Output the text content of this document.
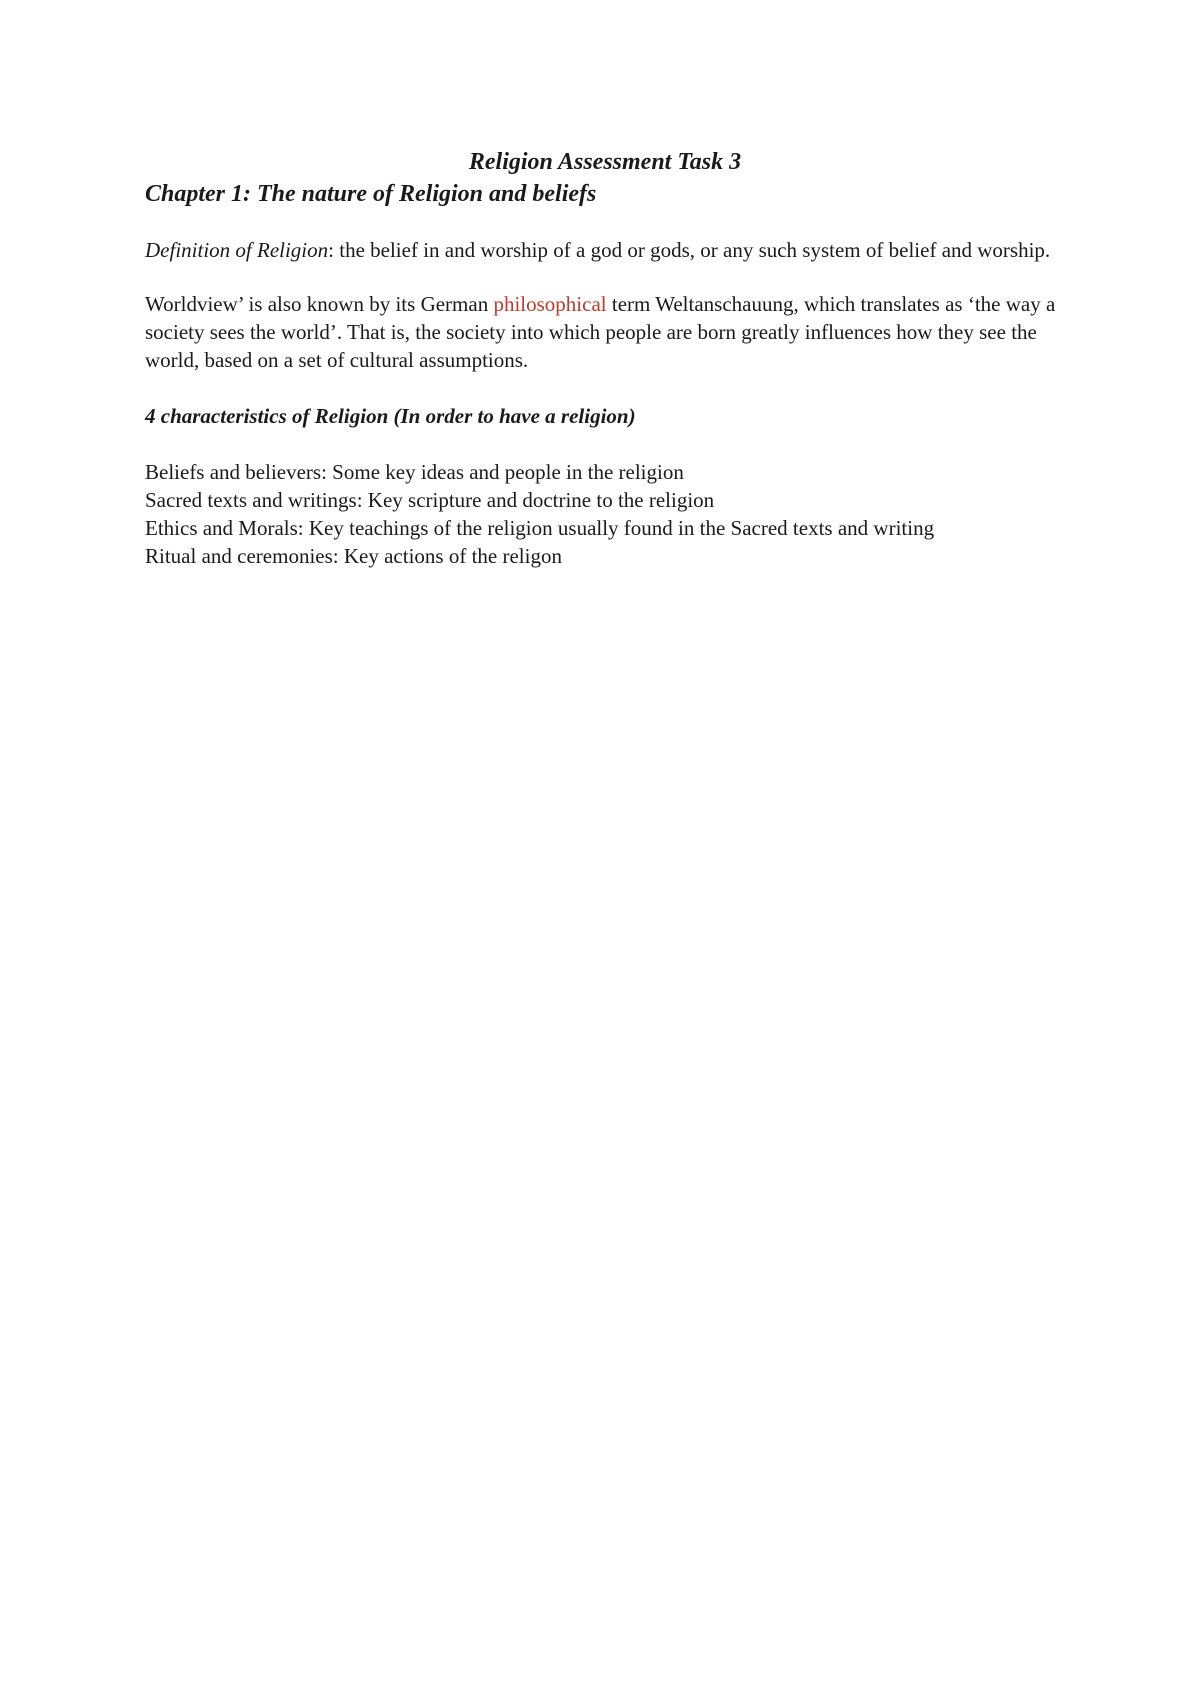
Religion Assessment Task 3

Chapter 1: The nature of Religion and beliefs

Definition of Religion: the belief in and worship of a god or gods, or any such system of belief and worship.

Worldview’ is also known by its German philosophical term Weltanschauung, which translates as ‘the way a society sees the world’. That is, the society into which people are born greatly influences how they see the world, based on a set of cultural assumptions.

4 characteristics of Religion (In order to have a religion)

Beliefs and believers: Some key ideas and people in the religion
Sacred texts and writings: Key scripture and doctrine to the religion
Ethics and Morals: Key teachings of the religion usually found in the Sacred texts and writing
Ritual and ceremonies: Key actions of the religon
